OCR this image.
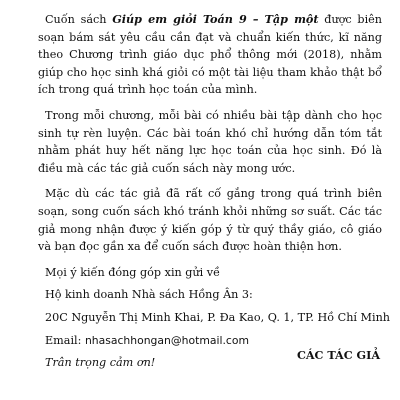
Cuốn sách Giúp em giỏi Toán 9 – Tập một được biên soạn bám sát yêu cầu cần đạt và chuẩn kiến thức, kĩ năng theo Chương trình giáo dục phổ thông mới (2018), nhằm giúp cho học sinh khá giỏi có một tài liệu tham khảo thật bổ ích trong quá trình học toán của mình.

Trong mỗi chương, mỗi bài có nhiều bài tập dành cho học sinh tự rèn luyện. Các bài toán khó chỉ hướng dẫn tóm tắt nhằm phát huy hết năng lực học toán của học sinh. Đó là điều mà các tác giả cuốn sách này mong ước.

Mặc dù các tác giả đã rất cố gắng trong quá trình biên soạn, song cuốn sách khó tránh khỏi những sơ suất. Các tác giả mong nhận được ý kiến góp ý từ quý thầy giáo, cô giáo và bạn đọc gần xa để cuốn sách được hoàn thiện hơn.

Mọi ý kiến đóng góp xin gửi về

Hộ kinh doanh Nhà sách Hồng Ân 3:

20C Nguyễn Thị Minh Khai, P. Đa Kao, Q. 1, TP. Hồ Chí Minh

Email: nhasachhongan@hotmail.com

Trân trọng cảm ơn!

CÁC TÁC GIẢ
